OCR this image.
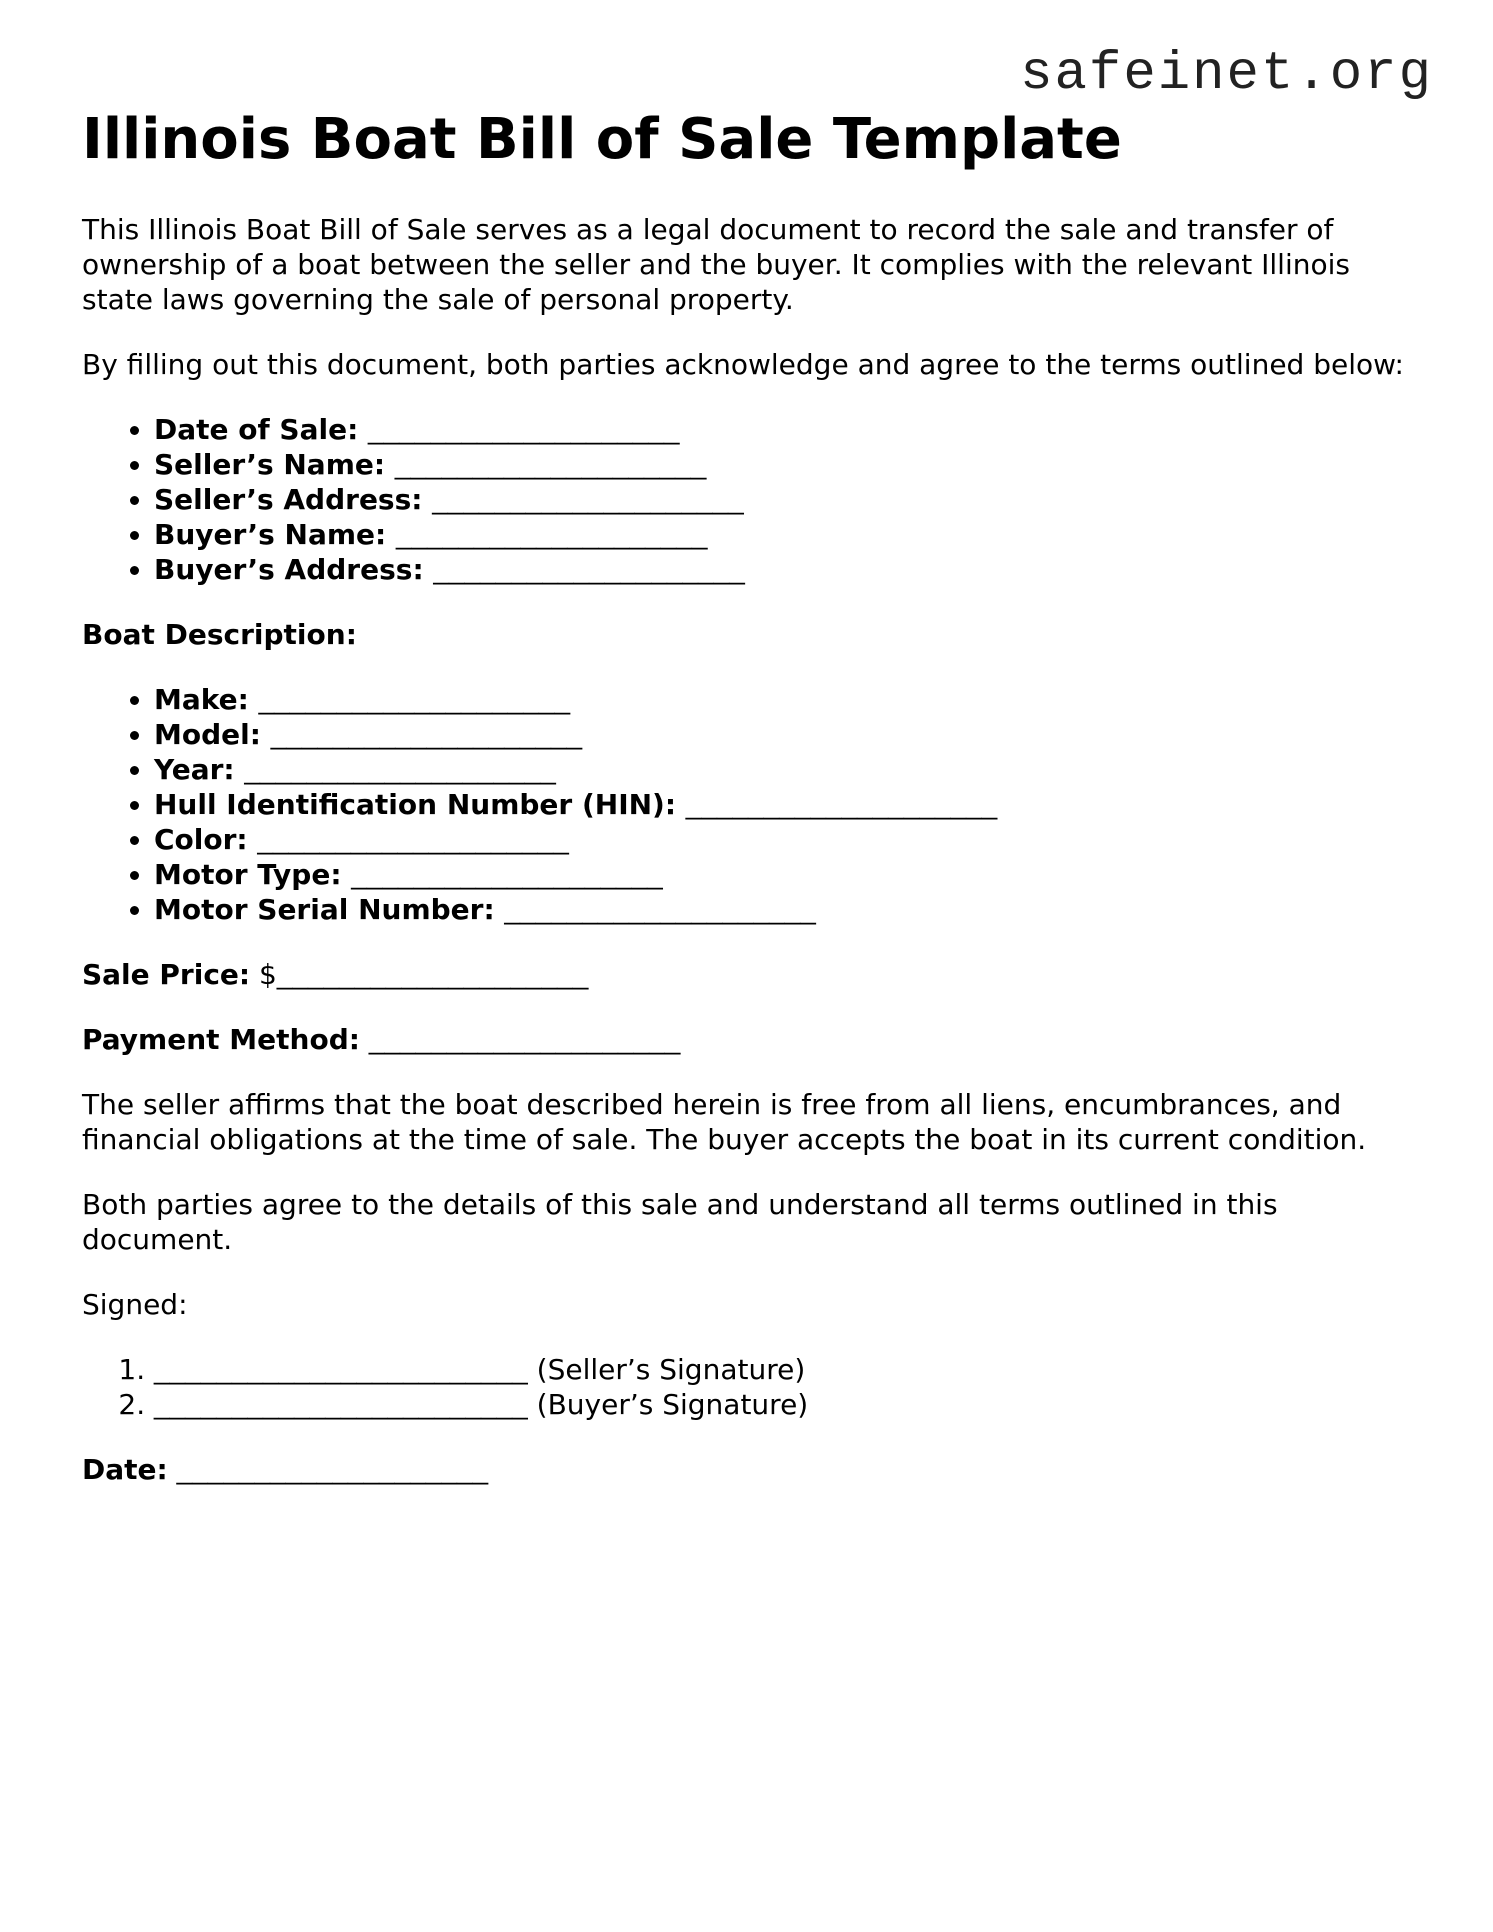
safeinet.org
Illinois Boat Bill of Sale Template

This Illinois Boat Bill of Sale serves as a legal document to record the sale and transfer of ownership of a boat between the seller and the buyer. It complies with the relevant Illinois state laws governing the sale of personal property.

By filling out this document, both parties acknowledge and agree to the terms outlined below:

• Date of Sale: ____________________
• Seller’s Name: ____________________
• Seller’s Address: ____________________
• Buyer’s Name: ____________________
• Buyer’s Address: ____________________

Boat Description:

• Make: ____________________
• Model: ____________________
• Year: ____________________
• Hull Identification Number (HIN): ____________________
• Color: ____________________
• Motor Type: ____________________
• Motor Serial Number: ____________________

Sale Price: $____________________

Payment Method: ____________________

The seller affirms that the boat described herein is free from all liens, encumbrances, and financial obligations at the time of sale. The buyer accepts the boat in its current condition.

Both parties agree to the details of this sale and understand all terms outlined in this document.

Signed:

1. ________________________ (Seller’s Signature)
2. ________________________ (Buyer’s Signature)

Date: ____________________
